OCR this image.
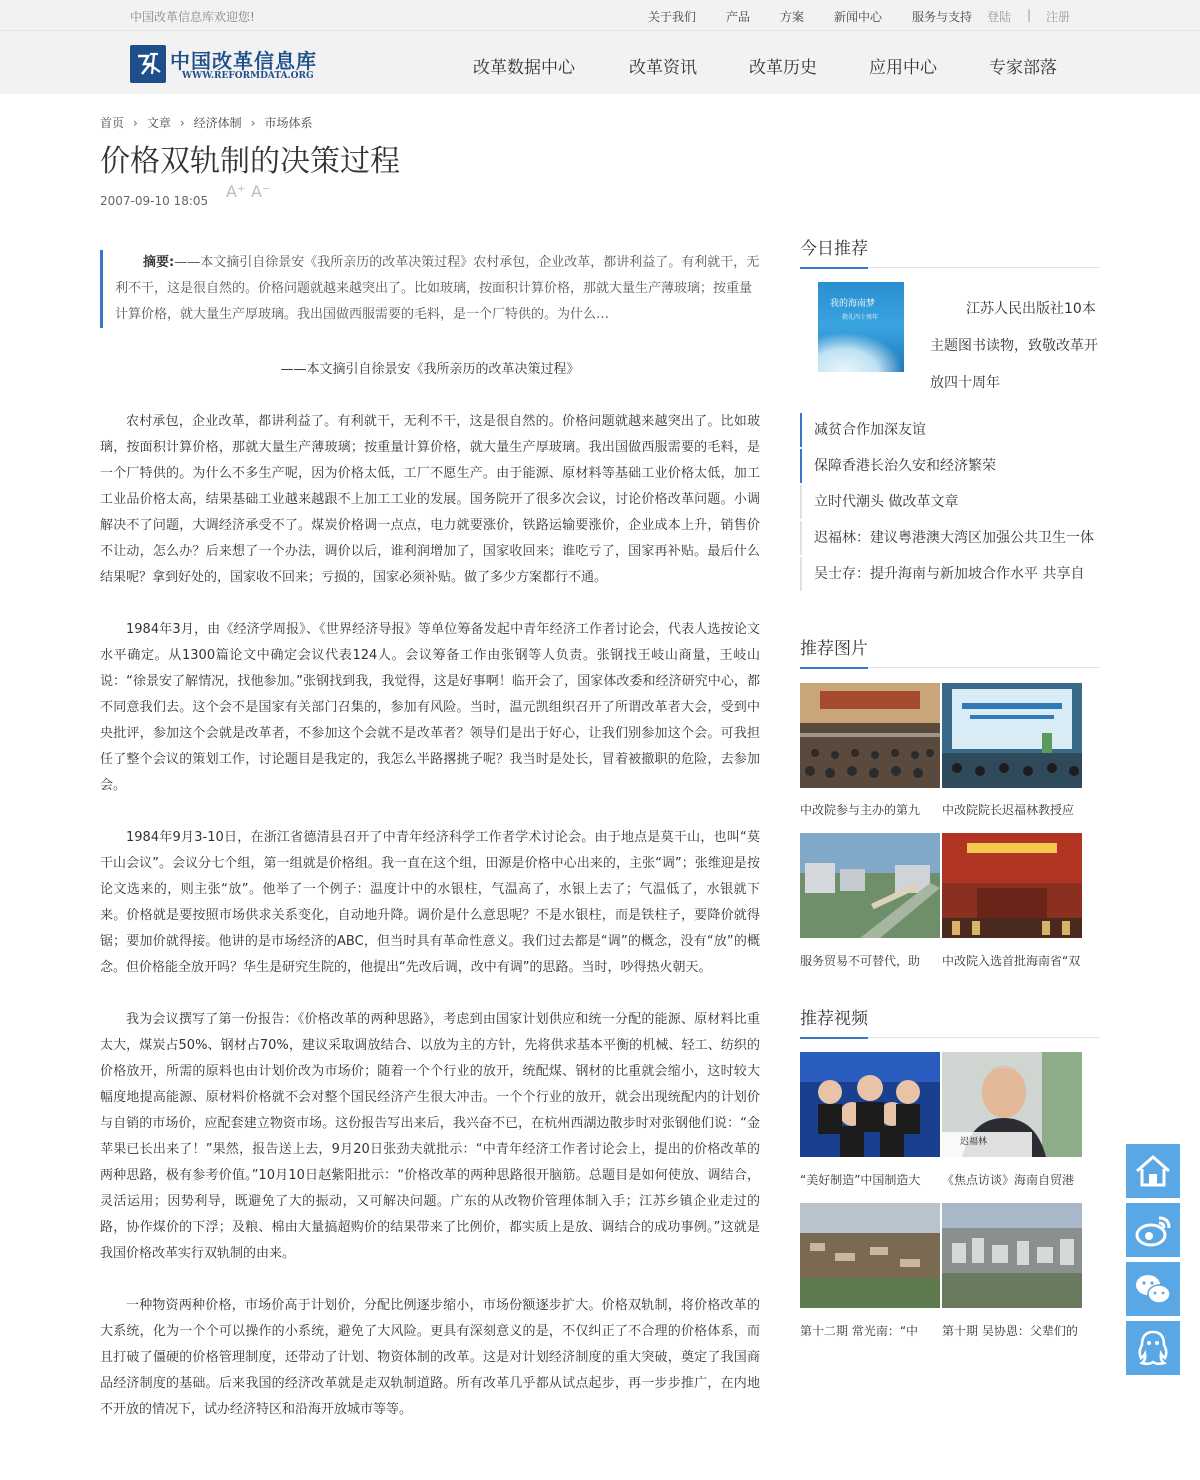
中国改革信息库欢迎您!	关于我们 产品 方案 新闻中心 服务与支持 登陆 | 注册
中国改革信息库
WWW.REFORMDATA.ORG	改革数据中心	改革资讯	改革历史	应用中心	专家部落
首页 › 文章 › 经济体制 › 市场体系
价格双轨制的决策过程
2007-09-10 18:05 A⁺ A⁻
摘要:——本文摘引自徐景安《我所亲历的改革决策过程》农村承包，企业改革，都讲利益了。有利就干，无利不干，这是很自然的。价格问题就越来越突出了。比如玻璃，按面积计算价格，那就大量生产薄玻璃；按重量计算价格，就大量生产厚玻璃。我出国做西服需要的毛料，是一个厂特供的。为什么…
——本文摘引自徐景安《我所亲历的改革决策过程》

农村承包，企业改革，都讲利益了。有利就干，无利不干，这是很自然的。价格问题就越来越突出了。比如玻璃，按面积计算价格，那就大量生产薄玻璃；按重量计算价格，就大量生产厚玻璃。我出国做西服需要的毛料，是一个厂特供的。为什么不多生产呢，因为价格太低，工厂不愿生产。由于能源、原材料等基础工业价格太低，加工工业品价格太高，结果基础工业越来越跟不上加工工业的发展。国务院开了很多次会议，讨论价格改革问题。小调解决不了问题，大调经济承受不了。煤炭价格调一点点，电力就要涨价，铁路运输要涨价，企业成本上升，销售价不让动，怎么办？后来想了一个办法，调价以后，谁利润增加了，国家收回来；谁吃亏了，国家再补贴。最后什么结果呢？拿到好处的，国家收不回来；亏损的，国家必须补贴。做了多少方案都行不通。

1984年3月，由《经济学周报》、《世界经济导报》等单位筹备发起中青年经济工作者讨论会，代表人选按论文水平确定。从1300篇论文中确定会议代表124人。会议筹备工作由张钢等人负责。张钢找王岐山商量，王岐山说：“徐景安了解情况，找他参加。”张钢找到我，我觉得，这是好事啊！临开会了，国家体改委和经济研究中心，都不同意我们去。这个会不是国家有关部门召集的，参加有风险。当时，温元凯组织召开了所谓改革者大会，受到中央批评，参加这个会就是改革者，不参加这个会就不是改革者？领导们是出于好心，让我们别参加这个会。可我担任了整个会议的策划工作，讨论题目是我定的，我怎么半路撂挑子呢？我当时是处长，冒着被撤职的危险，去参加会。

1984年9月3-10日，在浙江省德清县召开了中青年经济科学工作者学术讨论会。由于地点是莫干山，也叫“莫干山会议”。会议分七个组，第一组就是价格组。我一直在这个组，田源是价格中心出来的，主张“调”；张维迎是按论文选来的，则主张“放”。他举了一个例子：温度计中的水银柱，气温高了，水银上去了；气温低了，水银就下来。价格就是要按照市场供求关系变化，自动地升降。调价是什么意思呢？不是水银柱，而是铁柱子，要降价就得锯；要加价就得接。他讲的是市场经济的ABC，但当时具有革命性意义。我们过去都是“调”的概念，没有“放”的概念。但价格能全放开吗？华生是研究生院的，他提出“先改后调，改中有调”的思路。当时，吵得热火朝天。

我为会议撰写了第一份报告：《价格改革的两种思路》，考虑到由国家计划供应和统一分配的能源、原材料比重太大，煤炭占50%、钢材占70%，建议采取调放结合、以放为主的方针，先将供求基本平衡的机械、轻工、纺织的价格放开，所需的原料也由计划价改为市场价；随着一个个行业的放开，统配煤、钢材的比重就会缩小，这时较大幅度地提高能源、原材料价格就不会对整个国民经济产生很大冲击。一个个行业的放开，就会出现统配内的计划价与自销的市场价，应配套建立物资市场。这份报告写出来后，我兴奋不已，在杭州西湖边散步时对张钢他们说：“金苹果已长出来了！”果然，报告送上去，9月20日张劲夫就批示：“中青年经济工作者讨论会上，提出的价格改革的两种思路，极有参考价值。”10月10日赵紫阳批示：“价格改革的两种思路很开脑筋。总题目是如何使放、调结合，灵活运用；因势利导，既避免了大的振动，又可解决问题。广东的从改物价管理体制入手；江苏乡镇企业走过的路，协作煤价的下浮；及粮、棉由大量搞超购价的结果带来了比例价，都实质上是放、调结合的成功事例。”这就是我国价格改革实行双轨制的由来。

一种物资两种价格，市场价高于计划价，分配比例逐步缩小，市场份额逐步扩大。价格双轨制，将价格改革的大系统，化为一个个可以操作的小系统，避免了大风险。更具有深刻意义的是，不仅纠正了不合理的价格体系，而且打破了僵硬的价格管理制度，还带动了计划、物资体制的改革。这是对计划经济制度的重大突破，奠定了我国商品经济制度的基础。后来我国的经济改革就是走双轨制道路。所有改革几乎都从试点起步，再一步步推广，在内地不开放的情况下，试办经济特区和沿海开放城市等等。

今日推荐
我的海南梦
敬礼四十周年
江苏人民出版社10本主题图书读物，致敬改革开放四十周年
减贫合作加深友谊
保障香港长治久安和经济繁荣
立时代潮头 做改革文章
迟福林：建议粤港澳大湾区加强公共卫生一体
吴士存：提升海南与新加坡合作水平 共享自
推荐图片
中改院参与主办的第九	中改院院长迟福林教授应
服务贸易不可替代，助	中改院入选首批海南省“双
推荐视频
“美好制造”中国制造大
迟福林
《焦点访谈》海南自贸港
第十二期 常光南：“中	第十期 吴协恩：父辈们的
